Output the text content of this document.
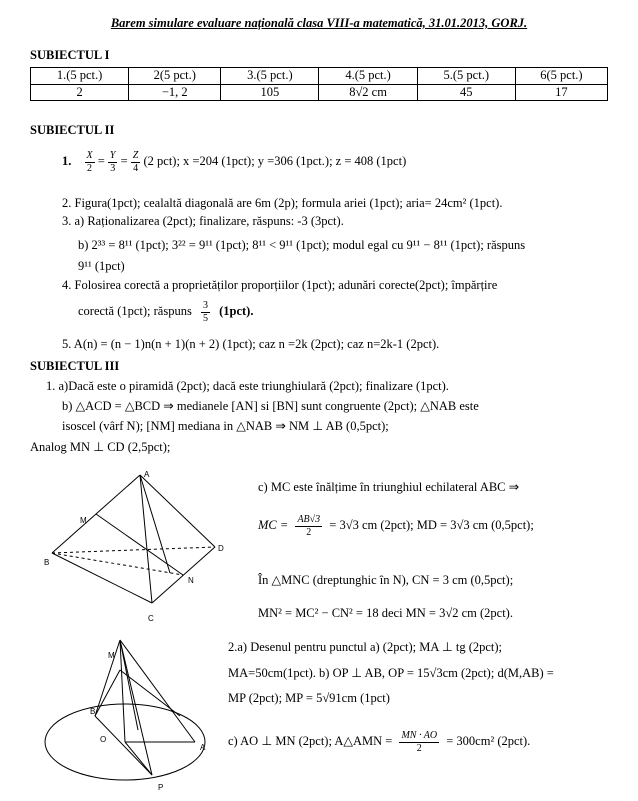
Barem simulare evaluare națională clasa VIII-a matematică, 31.01.2013, GORJ.
SUBIECTUL I
1.(5 pct.)	2(5 pct.)	3.(5 pct.)	4.(5 pct.)	5.(5 pct.)	6(5 pct.)
2	−1, 2	105	8√2 cm	45	17
SUBIECTUL II
1. $\frac{X}{2} = \frac{Y}{3} = \frac{Z}{4} (2$ pct); x =204 (1pct); y =306 (1pct.); z = 408 (1pct)
2. Figura(1pct); cealaltă diagonală are 6m (2p); formula ariei (1pct); aria= 24cm² (1pct).
3. a) Raționalizarea (2pct); finalizare, răspuns: -3 (3pct).
b) 2³³ = 8¹¹ (1pct); 3²² = 9¹¹ (1pct); 8¹¹ < 9¹¹ (1pct); modul egal cu 9¹¹ − 8¹¹ (1pct); răspuns
9¹¹ (1pct)
4. Folosirea corectă a proprietăților proporțiilor (1pct); adunări corecte(2pct); împărțire
corectă (1pct); răspuns $\frac{3}{5} (1pct)$.
5. A(n) = (n − 1)n(n + 1)(n + 2) (1pct); caz n =2k (2pct); caz n=2k-1 (2pct).
SUBIECTUL III
1. a)Dacă este o piramidă (2pct); dacă este triunghiulară (2pct); finalizare (1pct).
b) △ACD = △BCD ⇒ medianele [AN] si [BN] sunt congruente (2pct); △NAB este
isoscel (vârf N); [NM] mediana in △NAB ⇒ NM ⊥ AB (0,5pct);
Analog MN ⊥ CD (2,5pct);
A
M
B
D
N
C
c) MC este înălțime în triunghiul echilateral ABC ⇒
MC = $\frac{AB√3}{2} = 3√3$ cm (2pct); MD = 3√3 cm (0,5pct);
În △MNC (dreptunghic în N), CN = 3 cm (0,5pct);
MN² = MC² − CN² = 18 deci MN = 3√2 cm (2pct).
M
B
O
A
P
2.a) Desenul pentru punctul a) (2pct); MA ⊥ tg (2pct);
MA=50cm(1pct). b) OP ⊥ AB, OP = 15√3cm (2pct); d(M,AB) =
MP (2pct); MP = 5√91cm (1pct)
c) AO ⊥ MN (2pct); A△AMN = $\frac{MN \cdot AO}{2} = 300cm^2$ (2pct).
